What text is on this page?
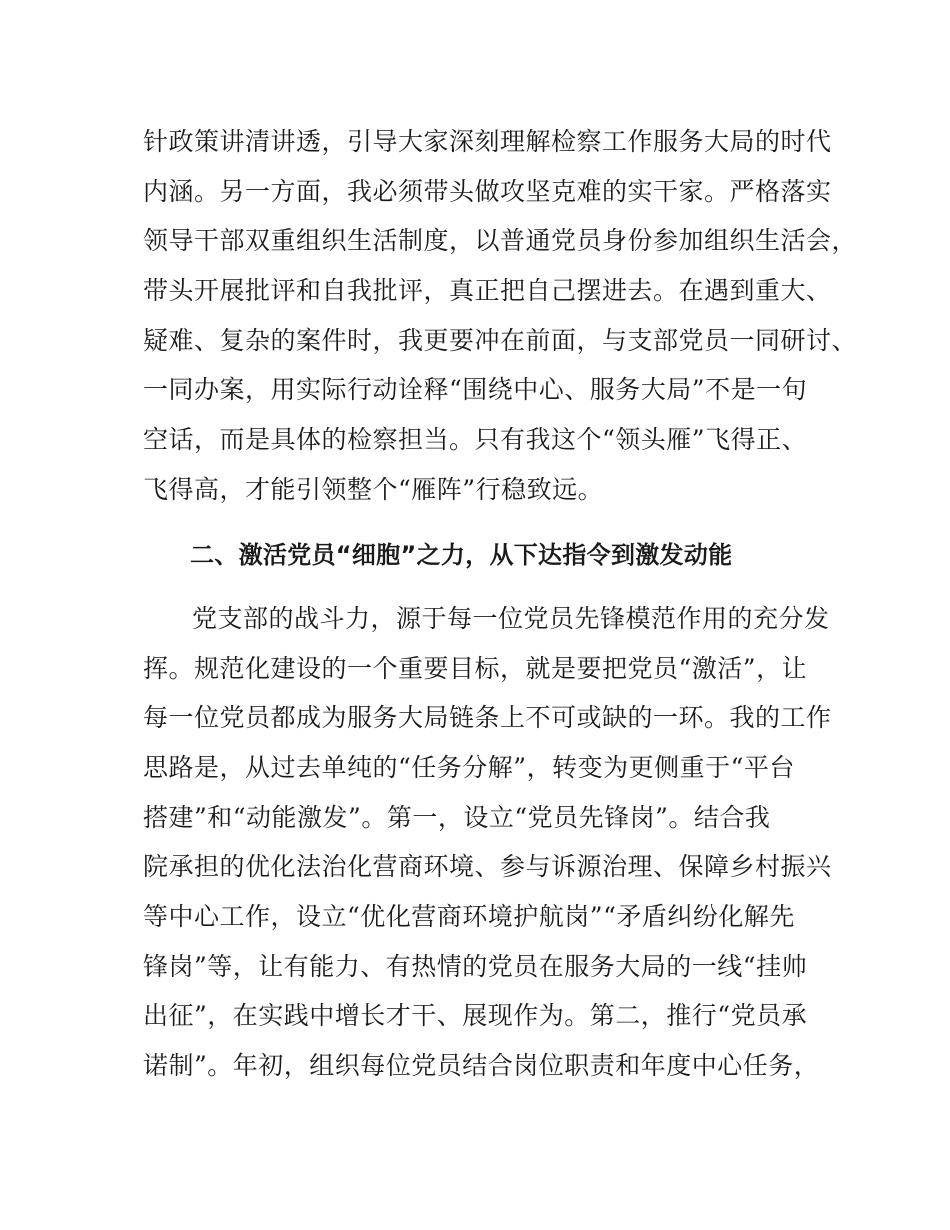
针政策讲清讲透，引导大家深刻理解检察工作服务大局的时代
内涵。另一方面，我必须带头做攻坚克难的实干家。严格落实
领导干部双重组织生活制度，以普通党员身份参加组织生活会，
带头开展批评和自我批评，真正把自己摆进去。在遇到重大、
疑难、复杂的案件时，我更要冲在前面，与支部党员一同研讨、
一同办案，用实际行动诠释“围绕中心、服务大局”不是一句
空话，而是具体的检察担当。只有我这个“领头雁”飞得正、
飞得高，才能引领整个“雁阵”行稳致远。
二、激活党员“细胞”之力，从下达指令到激发动能
党支部的战斗力，源于每一位党员先锋模范作用的充分发
挥。规范化建设的一个重要目标，就是要把党员“激活”，让
每一位党员都成为服务大局链条上不可或缺的一环。我的工作
思路是，从过去单纯的“任务分解”，转变为更侧重于“平台
搭建”和“动能激发”。第一，设立“党员先锋岗”。结合我
院承担的优化法治化营商环境、参与诉源治理、保障乡村振兴
等中心工作，设立“优化营商环境护航岗”“矛盾纠纷化解先
锋岗”等，让有能力、有热情的党员在服务大局的一线“挂帅
出征”，在实践中增长才干、展现作为。第二，推行“党员承
诺制”。年初，组织每位党员结合岗位职责和年度中心任务，
